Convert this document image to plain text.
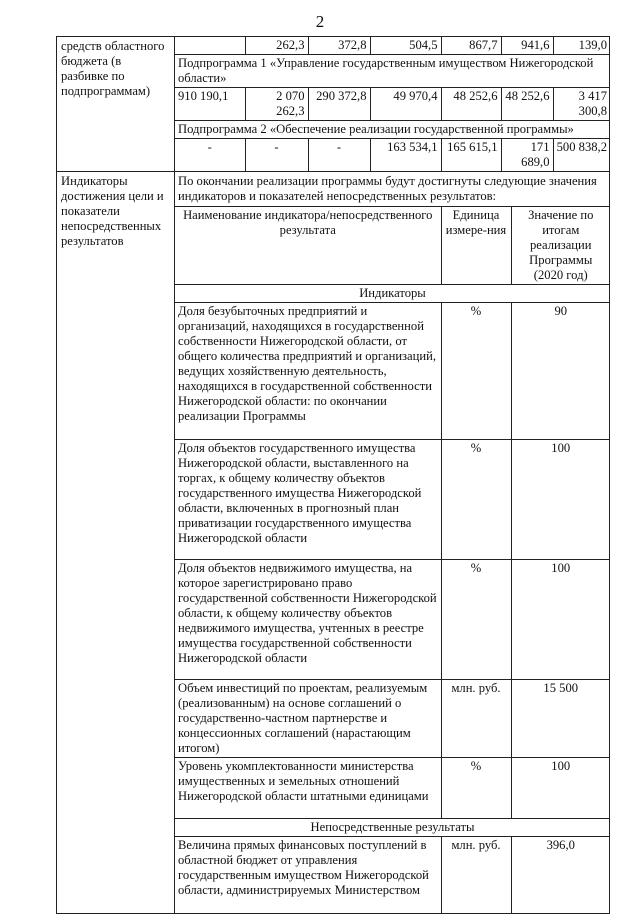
2
средств областного бюджета (в разбивке по подпрограммам)	
	262,3	372,8	504,5	867,7	941,6	139,0
Подпрограмма 1 «Управление государственным имуществом Нижегородской области»
910 190,1	2 070 262,3	290 372,8	49 970,4	48 252,6	48 252,6	3 417 300,8
Подпрограмма 2 «Обеспечение реализации государственной программы»
-	-	-	163 534,1	165 615,1	171 689,0	500 838,2

Индикаторы достижения цели и показатели непосредственных результатов	
По окончании реализации программы будут достигнуты следующие значения индикаторов и показателей непосредственных результатов:
Наименование индикатора/непосредственного результата	Единица измере-ния	Значение по итогам реализации Программы (2020 год)
Индикаторы
Доля безубыточных предприятий и организаций, находящихся в государственной собственности Нижегородской области, от общего количества предприятий и организаций, ведущих хозяйственную деятельность, находящихся в государственной собственности Нижегородской области: по окончании реализации Программы	%	90
Доля объектов государственного имущества Нижегородской области, выставленного на торгах, к общему количеству объектов государственного имущества Нижегородской области, включенных в прогнозный план приватизации государственного имущества Нижегородской области	%	100
Доля объектов недвижимого имущества, на которое зарегистрировано право государственной собственности Нижегородской области, к общему количеству объектов недвижимого имущества, учтенных в реестре имущества государственной собственности Нижегородской области	%	100
Объем инвестиций по проектам, реализуемым (реализованным) на основе соглашений о государственно-частном партнерстве и концессионных соглашений (нарастающим итогом)	млн. руб.	15 500
Уровень укомплектованности министерства имущественных и земельных отношений Нижегородской области штатными единицами	%	100
Непосредственные результаты
Величина прямых финансовых поступлений в областной бюджет от управления государственным имуществом Нижегородской области, администрируемых Министерством	млн. руб.	396,0
